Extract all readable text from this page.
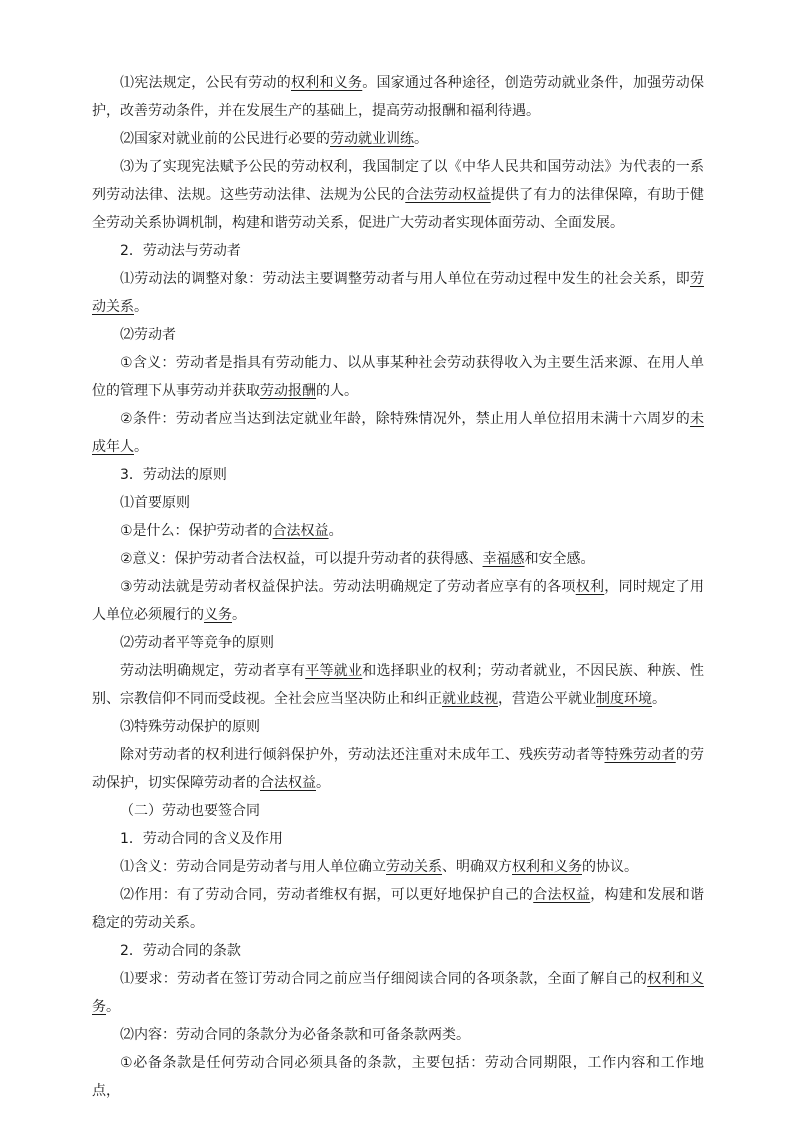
⑴宪法规定，公民有劳动的权利和义务。国家通过各种途径，创造劳动就业条件，加强劳动保护，改善劳动条件，并在发展生产的基础上，提高劳动报酬和福利待遇。

⑵国家对就业前的公民进行必要的劳动就业训练。

⑶为了实现宪法赋予公民的劳动权利，我国制定了以《中华人民共和国劳动法》为代表的一系列劳动法律、法规。这些劳动法律、法规为公民的合法劳动权益提供了有力的法律保障，有助于健全劳动关系协调机制，构建和谐劳动关系，促进广大劳动者实现体面劳动、全面发展。

2．劳动法与劳动者

⑴劳动法的调整对象：劳动法主要调整劳动者与用人单位在劳动过程中发生的社会关系，即劳动关系。

⑵劳动者

①含义：劳动者是指具有劳动能力、以从事某种社会劳动获得收入为主要生活来源、在用人单位的管理下从事劳动并获取劳动报酬的人。

②条件：劳动者应当达到法定就业年龄，除特殊情况外，禁止用人单位招用未满十六周岁的未成年人。

3．劳动法的原则

⑴首要原则

①是什么：保护劳动者的合法权益。

②意义：保护劳动者合法权益，可以提升劳动者的获得感、幸福感和安全感。

③劳动法就是劳动者权益保护法。劳动法明确规定了劳动者应享有的各项权利，同时规定了用人单位必须履行的义务。

⑵劳动者平等竞争的原则

劳动法明确规定，劳动者享有平等就业和选择职业的权利；劳动者就业，不因民族、种族、性别、宗教信仰不同而受歧视。全社会应当坚决防止和纠正就业歧视，营造公平就业制度环境。

⑶特殊劳动保护的原则

除对劳动者的权利进行倾斜保护外，劳动法还注重对未成年工、残疾劳动者等特殊劳动者的劳动保护，切实保障劳动者的合法权益。

（二）劳动也要签合同

1．劳动合同的含义及作用

⑴含义：劳动合同是劳动者与用人单位确立劳动关系、明确双方权利和义务的协议。

⑵作用：有了劳动合同，劳动者维权有据，可以更好地保护自己的合法权益，构建和发展和谐稳定的劳动关系。

2．劳动合同的条款

⑴要求：劳动者在签订劳动合同之前应当仔细阅读合同的各项条款，全面了解自己的权利和义务。

⑵内容：劳动合同的条款分为必备条款和可备条款两类。

①必备条款是任何劳动合同必须具备的条款，主要包括：劳动合同期限，工作内容和工作地点，
